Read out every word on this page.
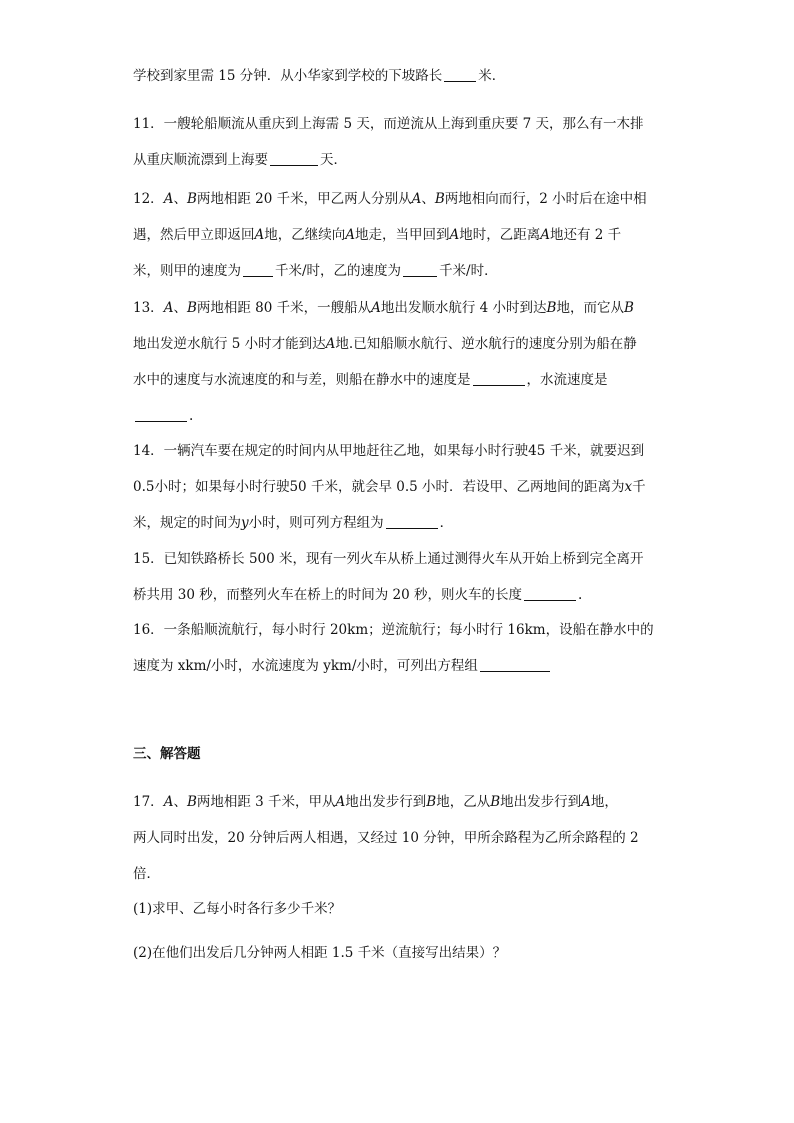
学校到家里需 15 分钟．从小华家到学校的下坡路长	米．

11．一艘轮船顺流从重庆到上海需 5 天，而逆流从上海到重庆要 7 天，那么有一木排
从重庆顺流漂到上海要	天．

12．A、B两地相距 20 千米，甲乙两人分别从A、B两地相向而行，2 小时后在途中相
遇，然后甲立即返回A地，乙继续向A地走，当甲回到A地时，乙距离A地还有 2 千
米，则甲的速度为	千米/时，乙的速度为	千米/时．

13．A、B两地相距 80 千米，一艘船从A地出发顺水航行 4 小时到达B地，而它从B
地出发逆水航行 5 小时才能到达A地.已知船顺水航行、逆水航行的速度分别为船在静
水中的速度与水流速度的和与差，则船在静水中的速度是	，水流速度是
.

14．一辆汽车要在规定的时间内从甲地赶往乙地，如果每小时行驶45 千米，就要迟到
0.5小时；如果每小时行驶50 千米，就会早 0.5 小时．若设甲、乙两地间的距离为x千
米，规定的时间为y小时，则可列方程组为	．

15．已知铁路桥长 500 米，现有一列火车从桥上通过测得火车从开始上桥到完全离开
桥共用 30 秒，而整列火车在桥上的时间为 20 秒，则火车的长度	.

16．一条船顺流航行，每小时行 20km；逆流航行；每小时行 16km，设船在静水中的
速度为 xkm/小时，水流速度为 ykm/小时，可列出方程组

三、解答题

17．A、B两地相距 3 千米，甲从A地出发步行到B地，乙从B地出发步行到A地，
两人同时出发，20 分钟后两人相遇，又经过 10 分钟，甲所余路程为乙所余路程的 2
倍．

(1)求甲、乙每小时各行多少千米？

(2)在他们出发后几分钟两人相距 1.5 千米（直接写出结果）？
